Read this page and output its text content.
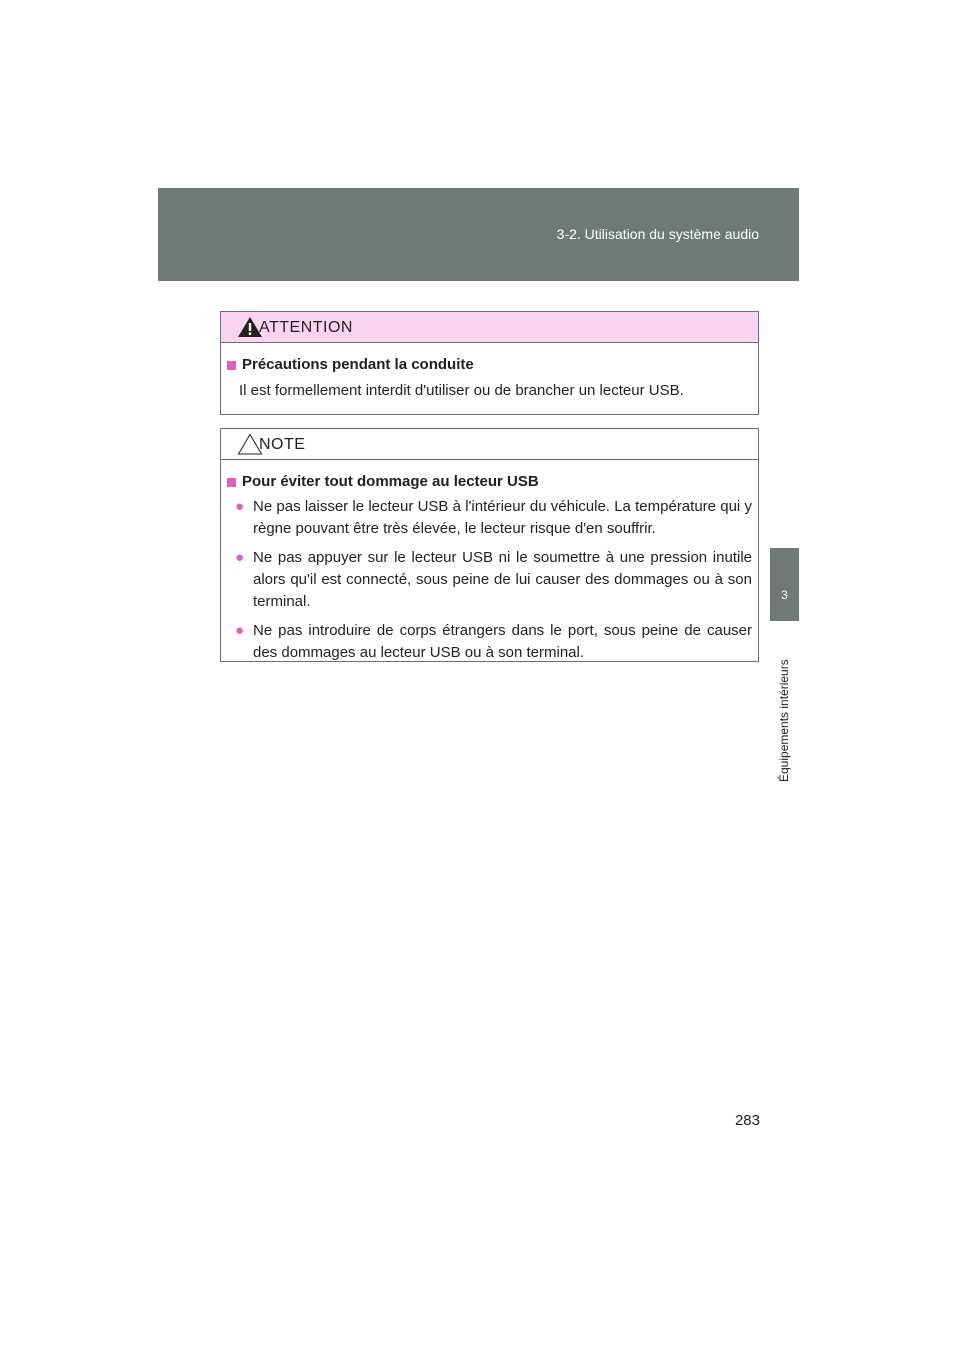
3-2. Utilisation du système audio
3
Équipements intérieurs
ATTENTION
Précautions pendant la conduite
Il est formellement interdit d'utiliser ou de brancher un lecteur USB.
NOTE
Pour éviter tout dommage au lecteur USB
● Ne pas laisser le lecteur USB à l'intérieur du véhicule. La température qui y règne pouvant être très élevée, le lecteur risque d'en souffrir.
● Ne pas appuyer sur le lecteur USB ni le soumettre à une pression inutile alors qu'il est connecté, sous peine de lui causer des dommages ou à son terminal.
● Ne pas introduire de corps étrangers dans le port, sous peine de causer des dommages au lecteur USB ou à son terminal.
283
